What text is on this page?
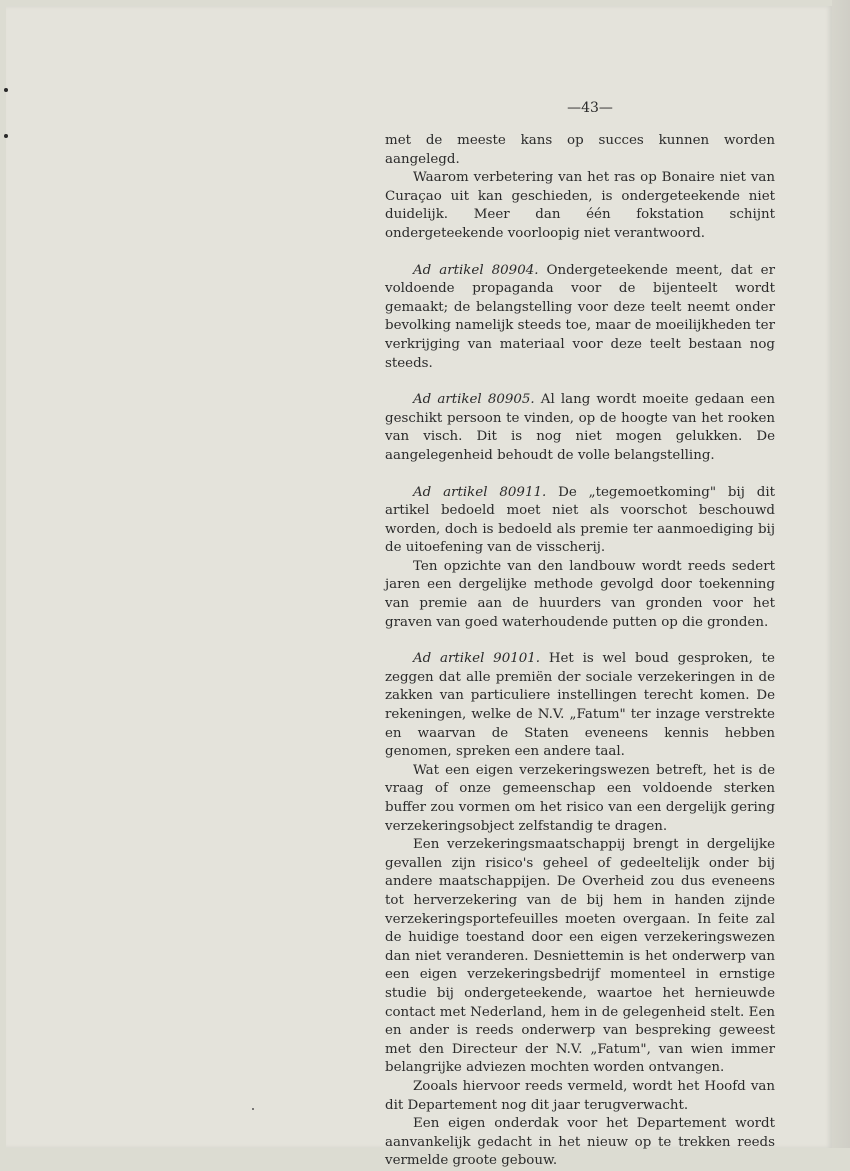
—43—

met de meeste kans op succes kunnen worden aangelegd.

Waarom verbetering van het ras op Bonaire niet van Curaçao uit kan geschieden, is ondergeteekende niet duidelijk. Meer dan één fokstation schijnt ondergeteekende voorloopig niet verantwoord.

Ad artikel 80904. Ondergeteekende meent, dat er voldoende propaganda voor de bijenteelt wordt gemaakt; de belangstelling voor deze teelt neemt onder bevolking namelijk steeds toe, maar de moeilijkheden ter verkrijging van materiaal voor deze teelt bestaan nog steeds.

Ad artikel 80905. Al lang wordt moeite gedaan een geschikt persoon te vinden, op de hoogte van het rooken van visch. Dit is nog niet mogen gelukken. De aangelegenheid behoudt de volle belangstelling.

Ad artikel 80911. De „tegemoetkoming" bij dit artikel bedoeld moet niet als voorschot beschouwd worden, doch is bedoeld als premie ter aanmoediging bij de uitoefening van de visscherij.

Ten opzichte van den landbouw wordt reeds sedert jaren een dergelijke methode gevolgd door toekenning van premie aan de huurders van gronden voor het graven van goed waterhoudende putten op die gronden.

Ad artikel 90101. Het is wel boud gesproken, te zeggen dat alle premiën der sociale verzekeringen in de zakken van particuliere instellingen terecht komen. De rekeningen, welke de N.V. „Fatum" ter inzage verstrekte en waarvan de Staten eveneens kennis hebben genomen, spreken een andere taal.

Wat een eigen verzekeringswezen betreft, het is de vraag of onze gemeenschap een voldoende sterken buffer zou vormen om het risico van een dergelijk gering verzekeringsobject zelfstandig te dragen.

Een verzekeringsmaatschappij brengt in dergelijke gevallen zijn risico's geheel of gedeeltelijk onder bij andere maatschappijen. De Overheid zou dus eveneens tot herverzekering van de bij hem in handen zijnde verzekeringsportefeuilles moeten overgaan. In feite zal de huidige toestand door een eigen verzekeringswezen dan niet veranderen. Desniettemin is het onderwerp van een eigen verzekeringsbedrijf momenteel in ernstige studie bij ondergeteekende, waartoe het hernieuwde contact met Nederland, hem in de gelegenheid stelt. Een en ander is reeds onderwerp van bespreking geweest met den Directeur der N.V. „Fatum", van wien immer belangrijke adviezen mochten worden ontvangen.

Zooals hiervoor reeds vermeld, wordt het Hoofd van dit Departement nog dit jaar terugverwacht.

Een eigen onderdak voor het Departement wordt aanvankelijk gedacht in het nieuw op te trekken reeds vermelde groote gebouw.
